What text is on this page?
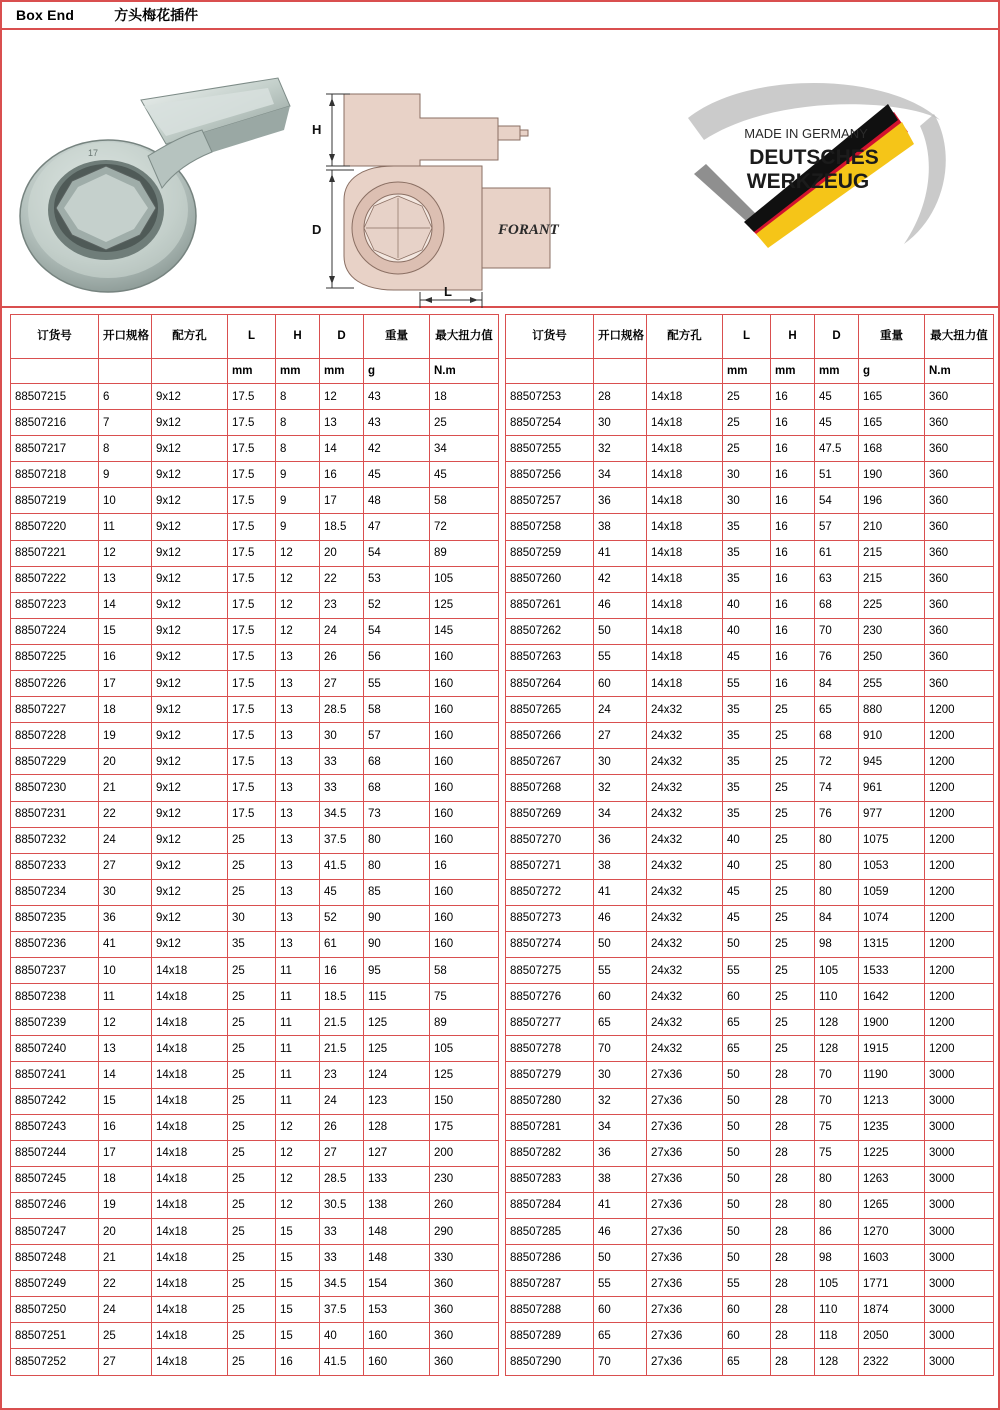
Box End	方头梅花插件
17
H
FORANT
D
L
MADE IN GERMANY
DEUTSCHES
WERKZEUG
订货号	开口规格	配方孔	L	H	D	重量	最大扭力值
			mm	mm	mm	g	N.m
88507215	6	9x12	17.5	8	12	43	18
88507216	7	9x12	17.5	8	13	43	25
88507217	8	9x12	17.5	8	14	42	34
88507218	9	9x12	17.5	9	16	45	45
88507219	10	9x12	17.5	9	17	48	58
88507220	11	9x12	17.5	9	18.5	47	72
88507221	12	9x12	17.5	12	20	54	89
88507222	13	9x12	17.5	12	22	53	105
88507223	14	9x12	17.5	12	23	52	125
88507224	15	9x12	17.5	12	24	54	145
88507225	16	9x12	17.5	13	26	56	160
88507226	17	9x12	17.5	13	27	55	160
88507227	18	9x12	17.5	13	28.5	58	160
88507228	19	9x12	17.5	13	30	57	160
88507229	20	9x12	17.5	13	33	68	160
88507230	21	9x12	17.5	13	33	68	160
88507231	22	9x12	17.5	13	34.5	73	160
88507232	24	9x12	25	13	37.5	80	160
88507233	27	9x12	25	13	41.5	80	16
88507234	30	9x12	25	13	45	85	160
88507235	36	9x12	30	13	52	90	160
88507236	41	9x12	35	13	61	90	160
88507237	10	14x18	25	11	16	95	58
88507238	11	14x18	25	11	18.5	115	75
88507239	12	14x18	25	11	21.5	125	89
88507240	13	14x18	25	11	21.5	125	105
88507241	14	14x18	25	11	23	124	125
88507242	15	14x18	25	11	24	123	150
88507243	16	14x18	25	12	26	128	175
88507244	17	14x18	25	12	27	127	200
88507245	18	14x18	25	12	28.5	133	230
88507246	19	14x18	25	12	30.5	138	260
88507247	20	14x18	25	15	33	148	290
88507248	21	14x18	25	15	33	148	330
88507249	22	14x18	25	15	34.5	154	360
88507250	24	14x18	25	15	37.5	153	360
88507251	25	14x18	25	15	40	160	360
88507252	27	14x18	25	16	41.5	160	360
订货号	开口规格	配方孔	L	H	D	重量	最大扭力值
			mm	mm	mm	g	N.m
88507253	28	14x18	25	16	45	165	360
88507254	30	14x18	25	16	45	165	360
88507255	32	14x18	25	16	47.5	168	360
88507256	34	14x18	30	16	51	190	360
88507257	36	14x18	30	16	54	196	360
88507258	38	14x18	35	16	57	210	360
88507259	41	14x18	35	16	61	215	360
88507260	42	14x18	35	16	63	215	360
88507261	46	14x18	40	16	68	225	360
88507262	50	14x18	40	16	70	230	360
88507263	55	14x18	45	16	76	250	360
88507264	60	14x18	55	16	84	255	360
88507265	24	24x32	35	25	65	880	1200
88507266	27	24x32	35	25	68	910	1200
88507267	30	24x32	35	25	72	945	1200
88507268	32	24x32	35	25	74	961	1200
88507269	34	24x32	35	25	76	977	1200
88507270	36	24x32	40	25	80	1075	1200
88507271	38	24x32	40	25	80	1053	1200
88507272	41	24x32	45	25	80	1059	1200
88507273	46	24x32	45	25	84	1074	1200
88507274	50	24x32	50	25	98	1315	1200
88507275	55	24x32	55	25	105	1533	1200
88507276	60	24x32	60	25	110	1642	1200
88507277	65	24x32	65	25	128	1900	1200
88507278	70	24x32	65	25	128	1915	1200
88507279	30	27x36	50	28	70	1190	3000
88507280	32	27x36	50	28	70	1213	3000
88507281	34	27x36	50	28	75	1235	3000
88507282	36	27x36	50	28	75	1225	3000
88507283	38	27x36	50	28	80	1263	3000
88507284	41	27x36	50	28	80	1265	3000
88507285	46	27x36	50	28	86	1270	3000
88507286	50	27x36	50	28	98	1603	3000
88507287	55	27x36	55	28	105	1771	3000
88507288	60	27x36	60	28	110	1874	3000
88507289	65	27x36	60	28	118	2050	3000
88507290	70	27x36	65	28	128	2322	3000
